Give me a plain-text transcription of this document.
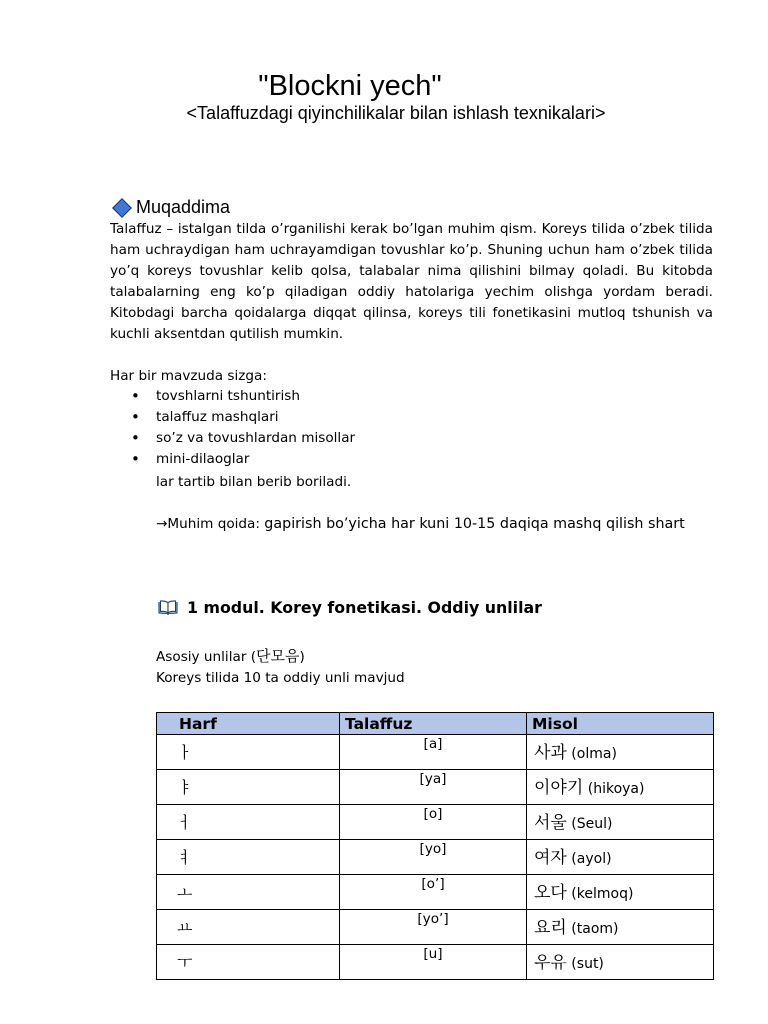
"Blockni yech"
<Talaffuzdagi qiyinchilikalar bilan ishlash texnikalari>
Muqaddima
Talaffuz – istalgan tilda o’rganilishi kerak bo’lgan muhim qism. Koreys tilida o’zbek tilida ham uchraydigan ham uchrayamdigan tovushlar ko’p. Shuning uchun ham o’zbek tilida yo’q koreys tovushlar kelib qolsa, talabalar nima qilishini bilmay qoladi. Bu kitobda talabalarning eng ko’p qiladigan oddiy hatolariga yechim olishga yordam beradi. Kitobdagi barcha qoidalarga diqqat qilinsa, koreys tili fonetikasini mutloq tshunish va kuchli aksentdan qutilish mumkin.
Har bir mavzuda sizga:
• tovshlarni tshuntirish
• talaffuz mashqlari
• so’z va tovushlardan misollar
• mini-dilaoglar
lar tartib bilan berib boriladi.
→Muhim qoida: gapirish bo’yicha har kuni 10-15 daqiqa mashq qilish shart
1 modul. Korey fonetikasi. Oddiy unlilar
Asosiy unlilar (단모음)
Koreys tilida 10 ta oddiy unli mavjud
Harf	Talaffuz	Misol
ㅏ	[a]	사과 (olma)
ㅑ	[ya]	이야기 (hikoya)
ㅓ	[o]	서울 (Seul)
ㅕ	[yo]	여자 (ayol)
ㅗ	[o’]	오다 (kelmoq)
ㅛ	[yo’]	요리 (taom)
ㅜ	[u]	우유 (sut)
